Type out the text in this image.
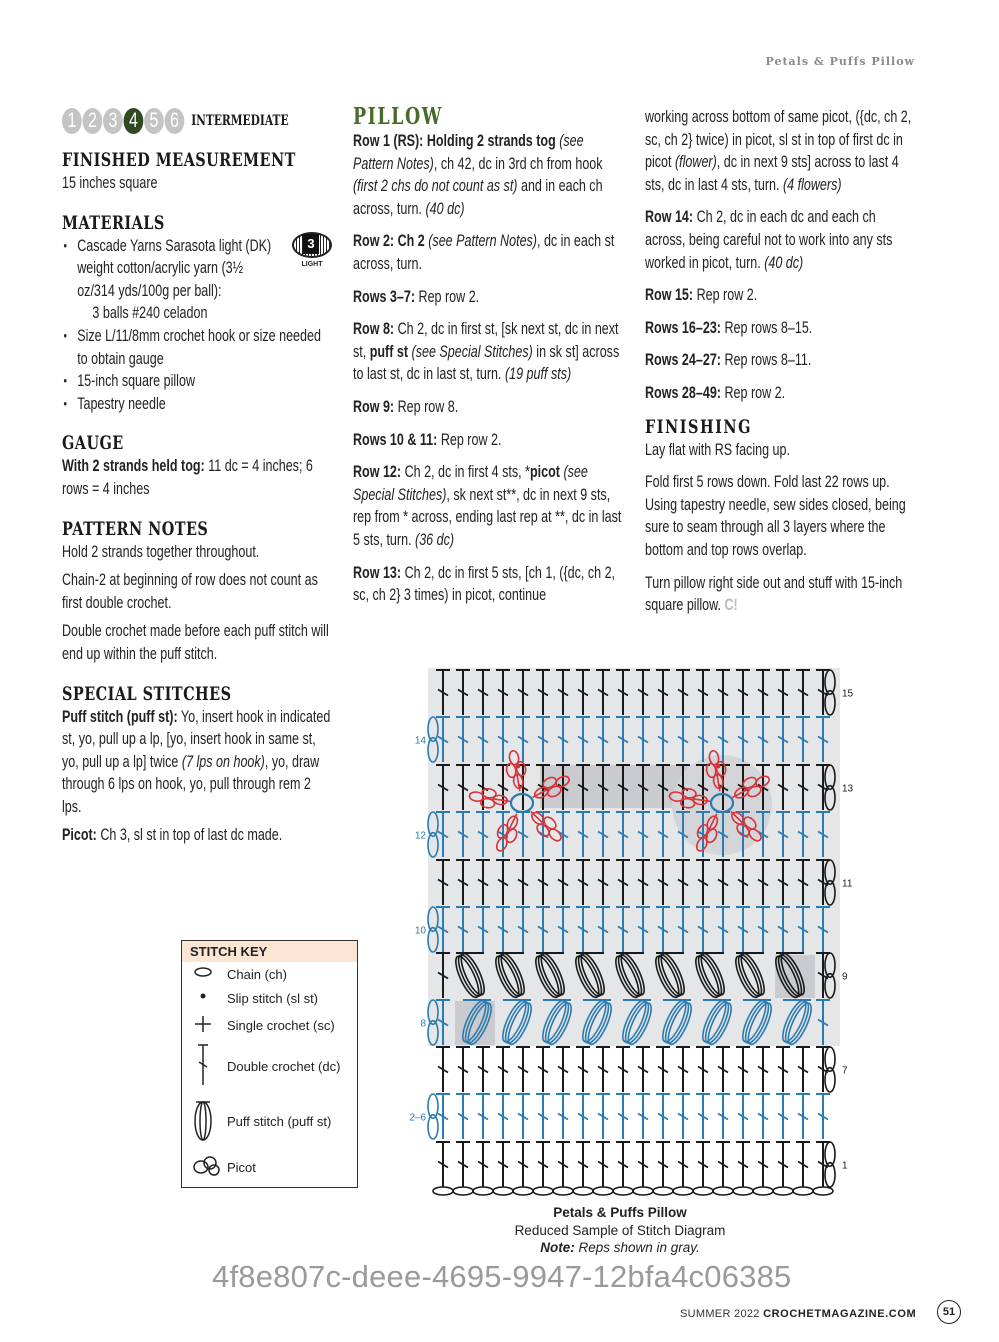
Petals & Puffs Pillow
1 2 3 4 5 6 INTERMEDIATE
FINISHED MEASUREMENT
15 inches square
MATERIALS
• Cascade Yarns Sarasota light (DK) weight cotton/acrylic yarn (3½ oz/314 yds/100g per ball):
3 balls #240 celadon
• Size L/11/8mm crochet hook or size needed to obtain gauge
• 15-inch square pillow
• Tapestry needle
GAUGE
With 2 strands held tog: 11 dc = 4 inches; 6 rows = 4 inches
PATTERN NOTES
Hold 2 strands together throughout.
Chain-2 at beginning of row does not count as first double crochet.
Double crochet made before each puff stitch will end up within the puff stitch.
SPECIAL STITCHES
Puff stitch (puff st): Yo, insert hook in indicated st, yo, pull up a lp, [yo, insert hook in same st, yo, pull up a lp] twice (7 lps on hook), yo, draw through 6 lps on hook, yo, pull through rem 2 lps.
Picot: Ch 3, sl st in top of last dc made.
3
LIGHT
PILLOW
Row 1 (RS): Holding 2 strands tog (see Pattern Notes), ch 42, dc in 3rd ch from hook (first 2 chs do not count as st) and in each ch across, turn. (40 dc)
Row 2: Ch 2 (see Pattern Notes), dc in each st across, turn.
Rows 3–7: Rep row 2.
Row 8: Ch 2, dc in first st, [sk next st, dc in next st, puff st (see Special Stitches) in sk st] across to last st, dc in last st, turn. (19 puff sts)
Row 9: Rep row 8.
Rows 10 & 11: Rep row 2.
Row 12: Ch 2, dc in first 4 sts, *picot (see Special Stitches), sk next st**, dc in next 9 sts, rep from * across, ending last rep at **, dc in last 5 sts, turn. (36 dc)
Row 13: Ch 2, dc in first 5 sts, [ch 1, ({dc, ch 2, sc, ch 2} 3 times) in picot, continue
working across bottom of same picot, ({dc, ch 2, sc, ch 2} twice) in picot, sl st in top of first dc in picot (flower), dc in next 9 sts] across to last 4 sts, dc in last 4 sts, turn. (4 flowers)
Row 14: Ch 2, dc in each dc and each ch across, being careful not to work into any sts worked in picot, turn. (40 dc)
Row 15: Rep row 2.
Rows 16–23: Rep rows 8–15.
Rows 24–27: Rep rows 8–11.
Rows 28–49: Rep row 2.
FINISHING
Lay flat with RS facing up.
Fold first 5 rows down. Fold last 22 rows up. Using tapestry needle, sew sides closed, being sure to seam through all 3 layers where the bottom and top rows overlap.
Turn pillow right side out and stuff with 15-inch square pillow. C!
15
14
13
12
11
10
9
8
7
2–6
1
STITCH KEY
Chain (ch)
Slip stitch (sl st)
Single crochet (sc)
Double crochet (dc)
Puff stitch (puff st)
Picot
Petals & Puffs Pillow
Reduced Sample of Stitch Diagram
Note: Reps shown in gray.
4f8e807c-deee-4695-9947-12bfa4c06385
SUMMER 2022 CROCHETMAGAZINE.COM	51
